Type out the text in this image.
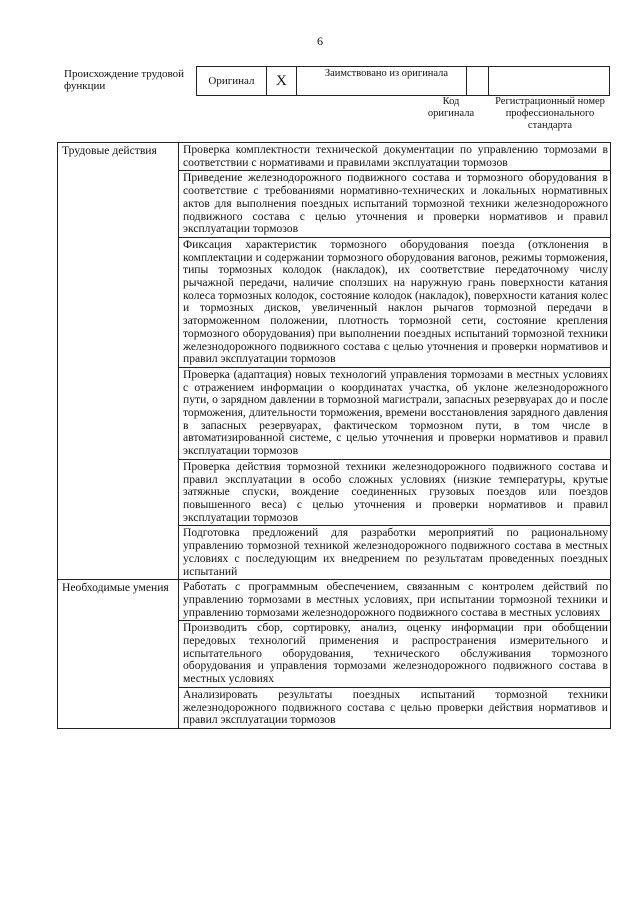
6
Происхождение трудовой функции	Оригинал	X	Заимствовано из оригинала		
Код оригинала
Регистрационный номер профессионального стандарта
Трудовые действия	Проверка комплектности технической документации по управлению тормозами в соответствии с нормативами и правилами эксплуатации тормозов
	Приведение железнодорожного подвижного состава и тормозного оборудования в соответствие с требованиями нормативно-технических и локальных нормативных актов для выполнения поездных испытаний тормозной техники железнодорожного подвижного состава с целью уточнения и проверки нормативов и правил эксплуатации тормозов
	Фиксация характеристик тормозного оборудования поезда (отклонения в комплектации и содержании тормозного оборудования вагонов, режимы торможения, типы тормозных колодок (накладок), их соответствие передаточному числу рычажной передачи, наличие сползших на наружную грань поверхности катания колеса тормозных колодок, состояние колодок (накладок), поверхности катания колес и тормозных дисков, увеличенный наклон рычагов тормозной передачи в заторможенном положении, плотность тормозной сети, состояние крепления тормозного оборудования) при выполнении поездных испытаний тормозной техники железнодорожного подвижного состава с целью уточнения и проверки нормативов и правил эксплуатации тормозов
	Проверка (адаптация) новых технологий управления тормозами в местных условиях с отражением информации о координатах участка, об уклоне железнодорожного пути, о зарядном давлении в тормозной магистрали, запасных резервуарах до и после торможения, длительности торможения, времени восстановления зарядного давления в запасных резервуарах, фактическом тормозном пути, в том числе в автоматизированной системе, с целью уточнения и проверки нормативов и правил эксплуатации тормозов
	Проверка действия тормозной техники железнодорожного подвижного состава и правил эксплуатации в особо сложных условиях (низкие температуры, крутые затяжные спуски, вождение соединенных грузовых поездов или поездов повышенного веса) с целью уточнения и проверки нормативов и правил эксплуатации тормозов
	Подготовка предложений для разработки мероприятий по рациональному управлению тормозной техникой железнодорожного подвижного состава в местных условиях с последующим их внедрением по результатам проведенных поездных испытаний
Необходимые умения	Работать с программным обеспечением, связанным с контролем действий по управлению тормозами в местных условиях, при испытании тормозной техники и управлению тормозами железнодорожного подвижного состава в местных условиях
	Производить сбор, сортировку, анализ, оценку информации при обобщении передовых технологий применения и распространения измерительного и испытательного оборудования, технического обслуживания тормозного оборудования и управления тормозами железнодорожного подвижного состава в местных условиях
	Анализировать результаты поездных испытаний тормозной техники железнодорожного подвижного состава с целью проверки действия нормативов и правил эксплуатации тормозов
